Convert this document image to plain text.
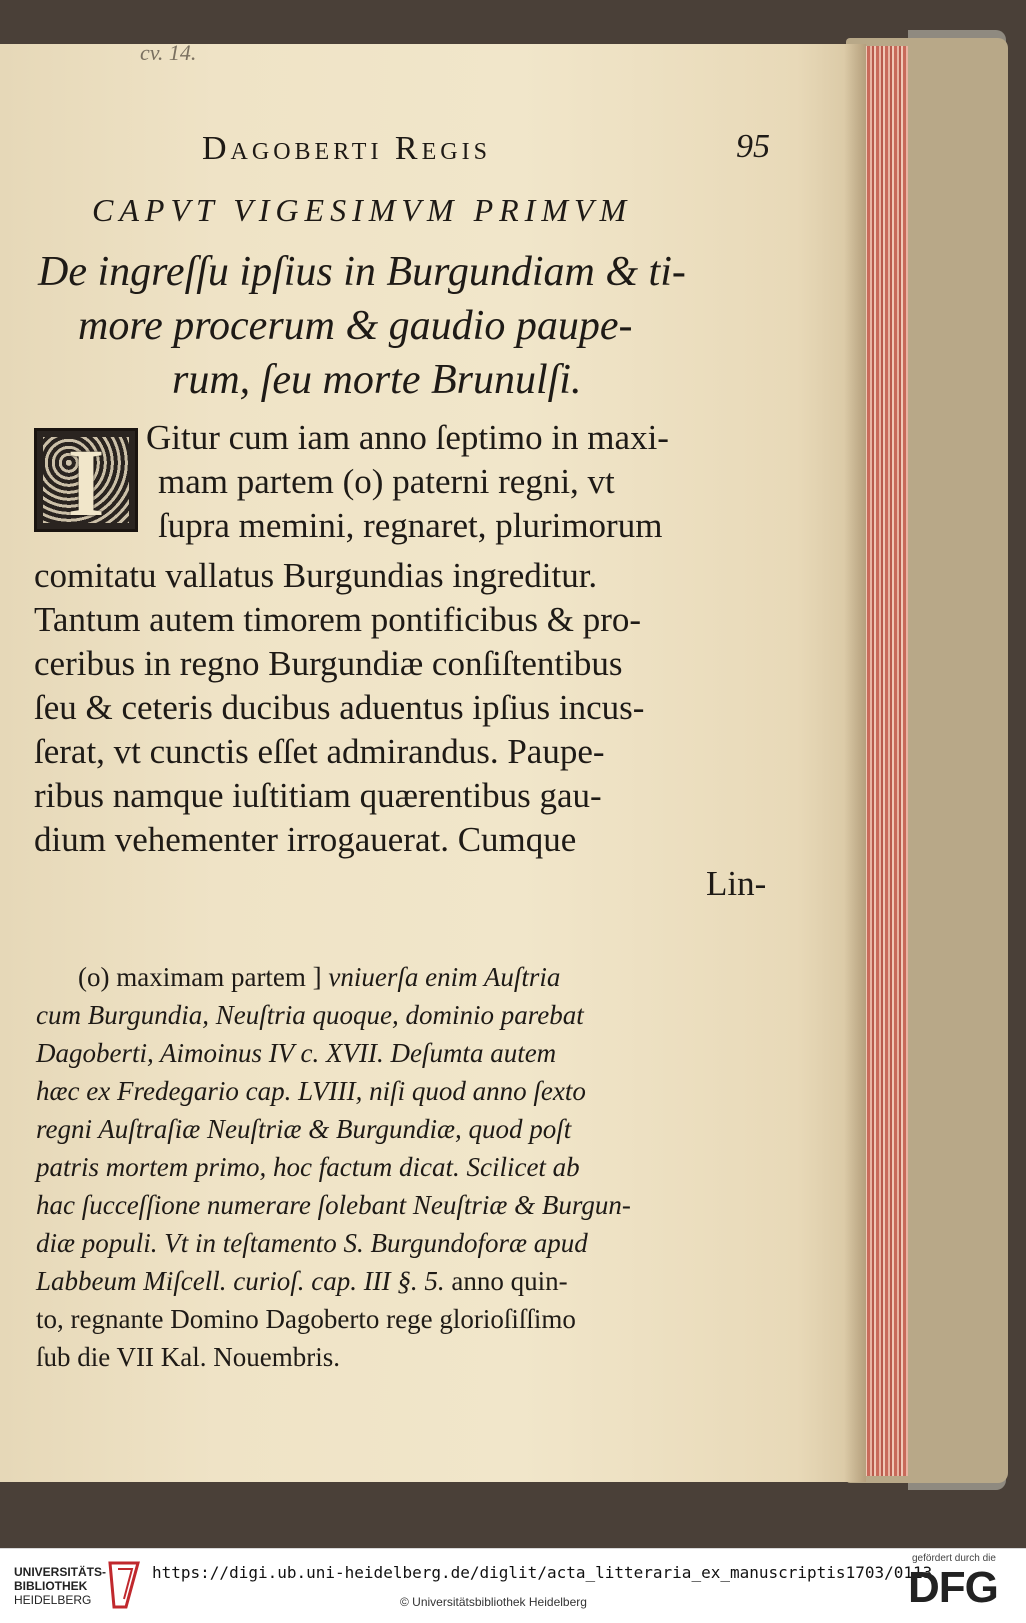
cv. 14.
Dagoberti Regis	95
CAPVT VIGESIMVM PRIMVM
De ingreſſu ipſius in Burgundiam & ti-
more procerum & gaudio paupe-
rum, ſeu morte Brunulſi.
I	Gitur cum iam anno ſeptimo in maxi-
mam partem (o) paterni regni, vt
ſupra memini, regnaret, plurimorum
comitatu vallatus Burgundias ingreditur.
Tantum autem timorem pontificibus & pro-
ceribus in regno Burgundiæ conſiſtentibus
ſeu & ceteris ducibus aduentus ipſius incus-
ſerat, vt cunctis eſſet admirandus. Paupe-
ribus namque iuſtitiam quærentibus gau-
dium vehementer irrogauerat. Cumque
Lin-
(o) maximam partem ] vniuerſa enim Auſtria
cum Burgundia, Neuſtria quoque, dominio parebat
Dagoberti, Aimoinus IV c. XVII. Deſumta autem
hæc ex Fredegario cap. LVIII, niſi quod anno ſexto
regni Auſtraſiæ Neuſtriæ & Burgundiæ, quod poſt
patris mortem primo, hoc factum dicat. Scilicet ab
hac ſucceſſione numerare ſolebant Neuſtriæ & Burgun-
diæ populi. Vt in teſtamento S. Burgundoforæ apud
Labbeum Miſcell. curioſ. cap. III §. 5. anno quin-
to, regnante Domino Dagoberto rege glorioſiſſimo
ſub die VII Kal. Nouembris.
UNIVERSITÄTS-
BIBLIOTHEK
HEIDELBERG
https://digi.ub.uni-heidelberg.de/diglit/acta_litteraria_ex_manuscriptis1703/0113
© Universitätsbibliothek Heidelberg
gefördert durch die
DFG
